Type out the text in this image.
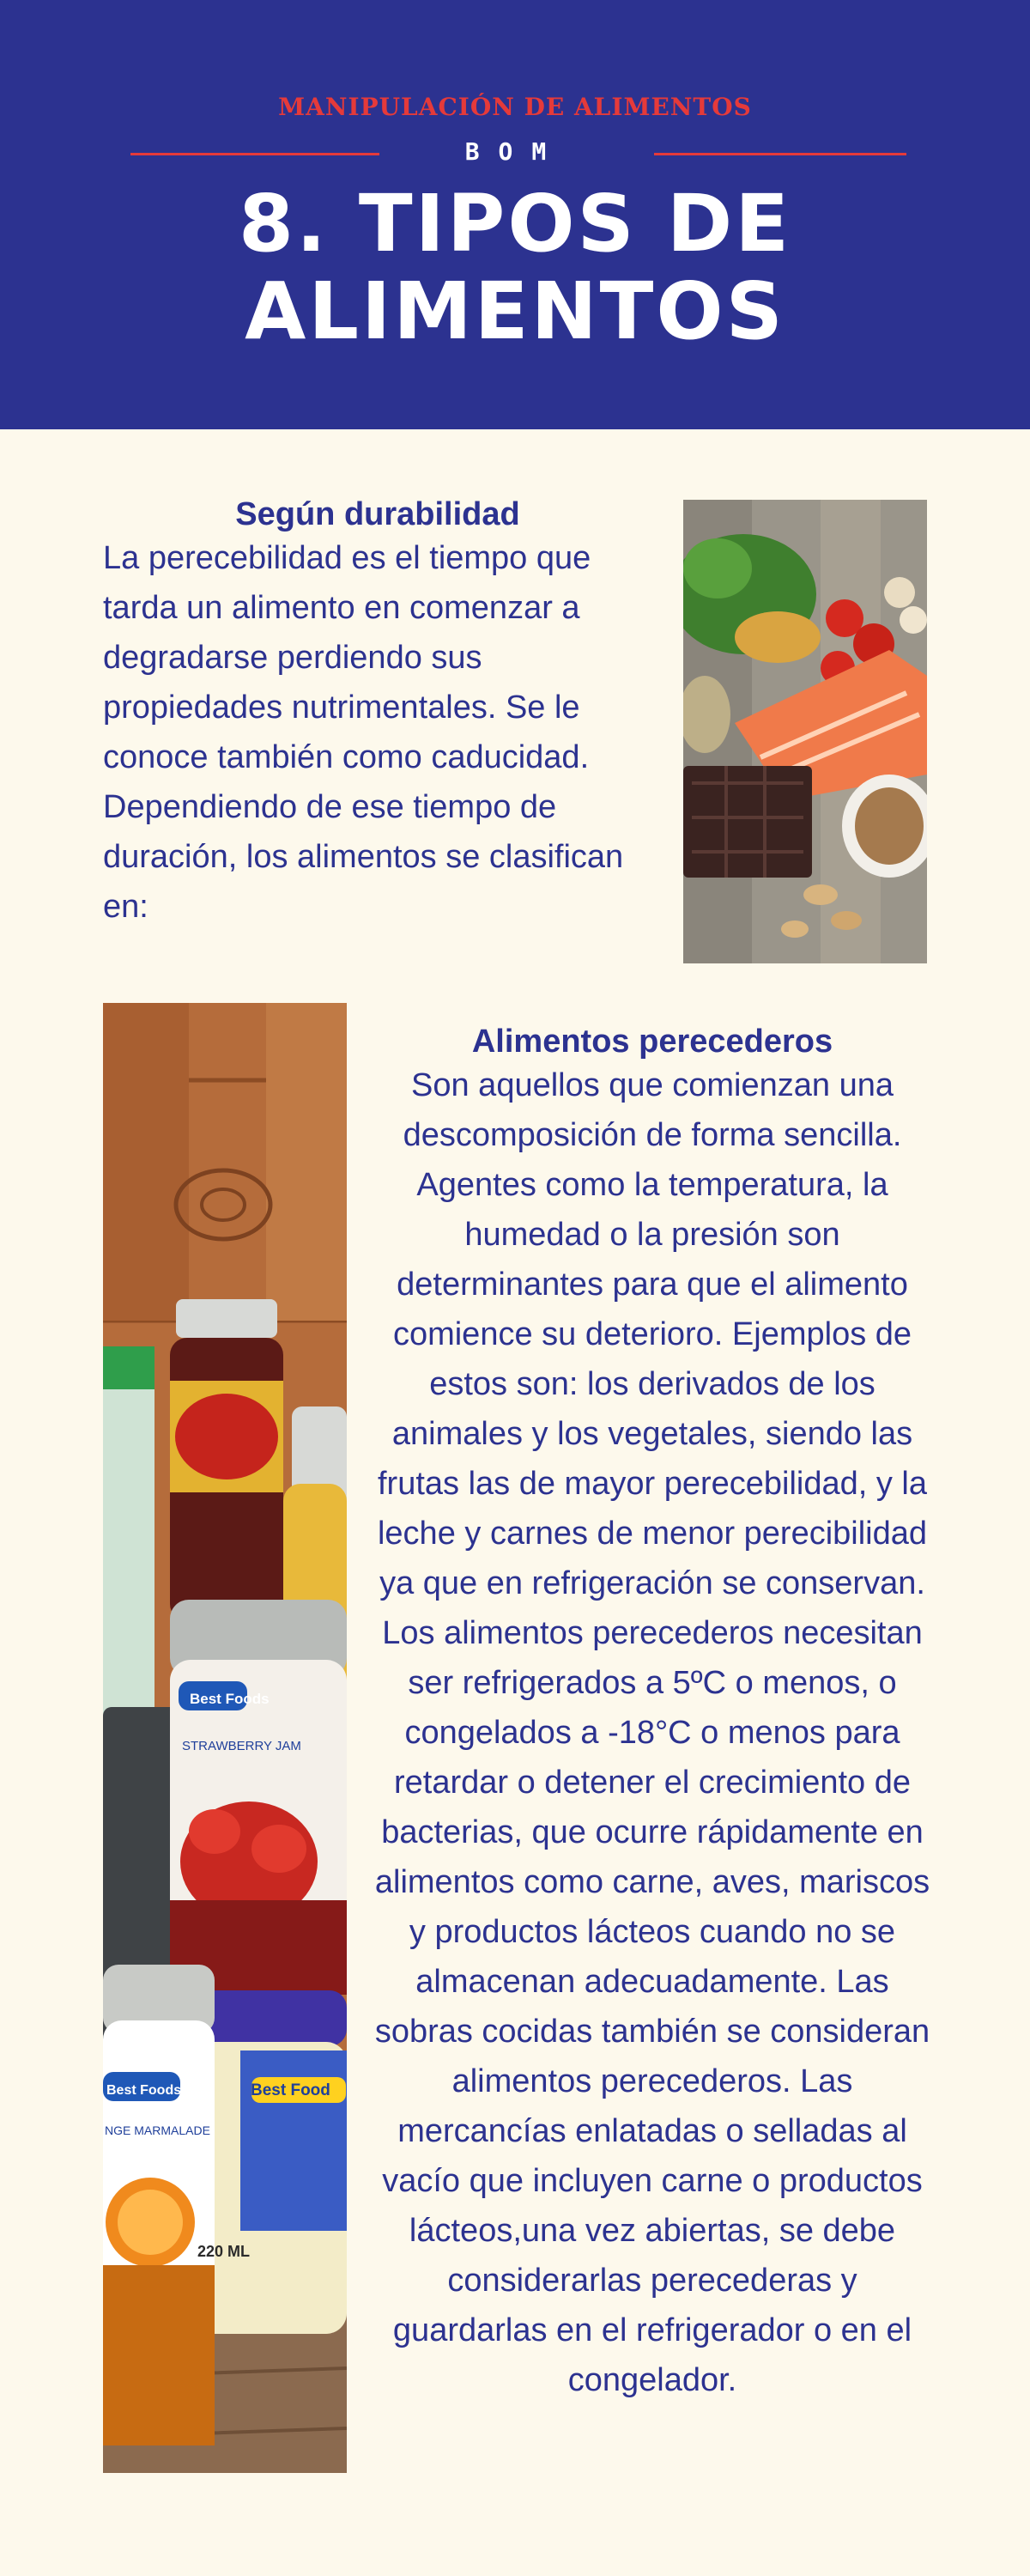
MANIPULACIÓN DE ALIMENTOS
BOM
8. TIPOS DE
ALIMENTOS

Según durabilidad

La perecebilidad es el tiempo que tarda un alimento en comenzar a degradarse perdiendo sus propiedades nutrimentales. Se le conoce también como caducidad. Dependiendo de ese tiempo de duración, los alimentos se clasifican en:

Best Foods
STRAWBERRY JAM
Best Foods
NGE MARMALADE
Best Food
220 ML

Alimentos perecederos

Son aquellos que comienzan una descomposición de forma sencilla. Agentes como la temperatura, la humedad o la presión son determinantes para que el alimento comience su deterioro. Ejemplos de estos son: los derivados de los animales y los vegetales, siendo las frutas las de mayor perecebilidad, y la leche y carnes de menor perecibilidad ya que en refrigeración se conservan. Los alimentos perecederos necesitan ser refrigerados a 5ºC o menos, o congelados a -18°C o menos para retardar o detener el crecimiento de bacterias, que ocurre rápidamente en alimentos como carne, aves, mariscos y productos lácteos cuando no se almacenan adecuadamente. Las sobras cocidas también se consideran alimentos perecederos. Las mercancías enlatadas o selladas al vacío que incluyen carne o productos lácteos,una vez abiertas, se debe considerarlas perecederas y guardarlas en el refrigerador o en el congelador.
